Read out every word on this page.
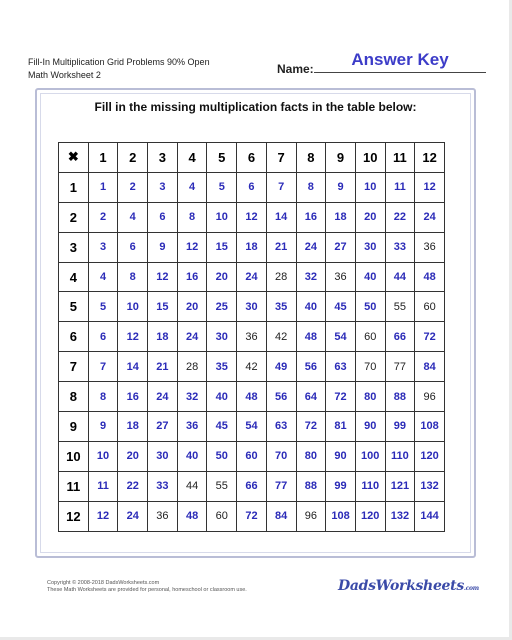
Fill-In Multiplication Grid Problems 90% Open
Math Worksheet 2	Name:	Answer Key
Fill in the missing multiplication facts in the table below:
✖	1	2	3	4	5	6	7	8	9	10	11	12
1	1	2	3	4	5	6	7	8	9	10	11	12
2	2	4	6	8	10	12	14	16	18	20	22	24
3	3	6	9	12	15	18	21	24	27	30	33	36
4	4	8	12	16	20	24	28	32	36	40	44	48
5	5	10	15	20	25	30	35	40	45	50	55	60
6	6	12	18	24	30	36	42	48	54	60	66	72
7	7	14	21	28	35	42	49	56	63	70	77	84
8	8	16	24	32	40	48	56	64	72	80	88	96
9	9	18	27	36	45	54	63	72	81	90	99	108
10	10	20	30	40	50	60	70	80	90	100	110	120
11	11	22	33	44	55	66	77	88	99	110	121	132
12	12	24	36	48	60	72	84	96	108	120	132	144
Copyright © 2008-2018 DadsWorksheets.com
These Math Worksheets are provided for personal, homeschool or classroom use.	DadsWorksheets.com
